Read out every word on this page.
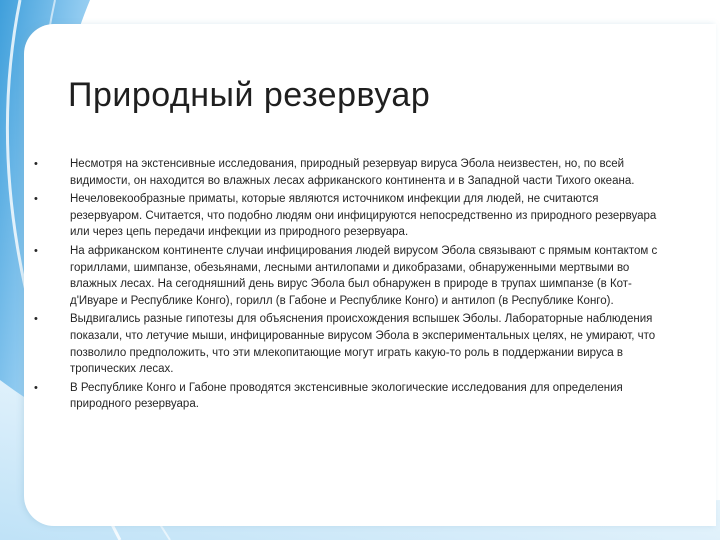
Природный резервуар
•	Несмотря на экстенсивные исследования, природный резервуар вируса Эбола неизвестен, но, по всей видимости, он находится во влажных лесах африканского континента и в Западной части Тихого океана.
•	Нечеловекообразные приматы, которые являются источником инфекции для людей, не считаются резервуаром. Считается, что подобно людям они инфицируются непосредственно из природного резервуара или через цепь передачи инфекции из природного резервуара.
•	На африканском континенте случаи инфицирования людей вирусом Эбола связывают с прямым контактом с гориллами, шимпанзе, обезьянами, лесными антилопами и дикобразами, обнаруженными мертвыми во влажных лесах. На сегодняшний день вирус Эбола был обнаружен в природе в трупах шимпанзе (в Кот-д'Ивуаре и Республике Конго), горилл (в Габоне и Республике Конго) и антилоп (в Республике Конго).
•	Выдвигались разные гипотезы для объяснения происхождения вспышек Эболы. Лабораторные наблюдения показали, что летучие мыши, инфицированные вирусом Эбола в экспериментальных целях, не умирают, что позволило предположить, что эти млекопитающие могут играть какую-то роль в поддержании вируса в тропических лесах.
•	В Республике Конго и Габоне проводятся экстенсивные экологические исследования для определения природного резервуара.
